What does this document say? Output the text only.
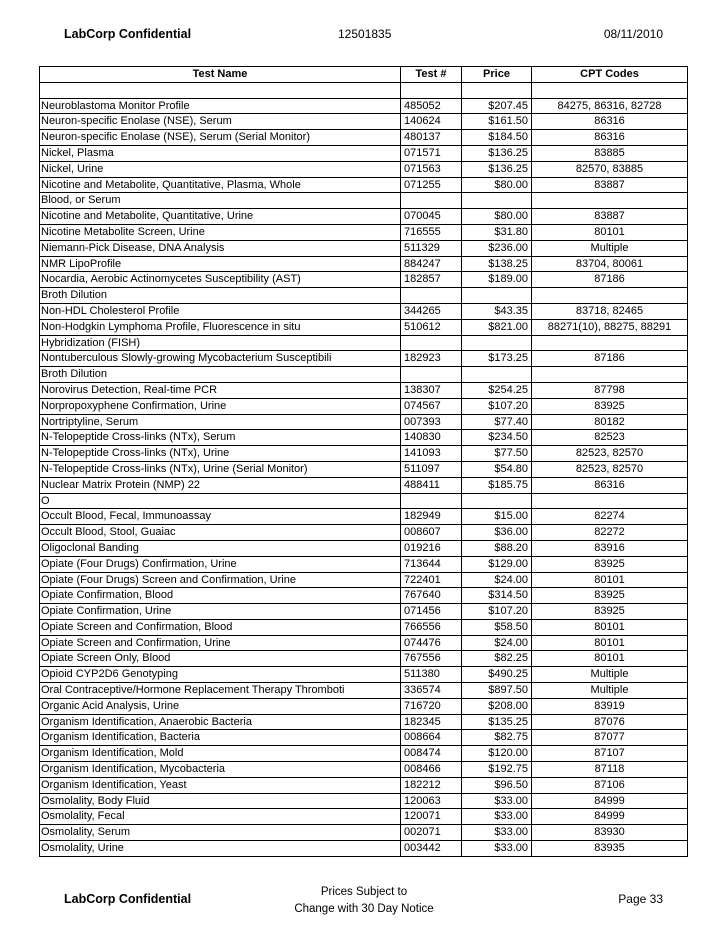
LabCorp Confidential	12501835	08/11/2010
Test Name	Test #	Price	CPT Codes

Neuroblastoma Monitor Profile	485052	$207.45	84275, 86316, 82728
Neuron-specific Enolase (NSE), Serum	140624	$161.50	86316
Neuron-specific Enolase (NSE), Serum (Serial Monitor)	480137	$184.50	86316
Nickel, Plasma	071571	$136.25	83885
Nickel, Urine	071563	$136.25	82570, 83885
Nicotine and Metabolite, Quantitative, Plasma, Whole	071255	$80.00	83887
Blood, or Serum			
Nicotine and Metabolite, Quantitative, Urine	070045	$80.00	83887
Nicotine Metabolite Screen, Urine	716555	$31.80	80101
Niemann-Pick Disease, DNA Analysis	511329	$236.00	Multiple
NMR LipoProfile	884247	$138.25	83704, 80061
Nocardia, Aerobic Actinomycetes Susceptibility (AST)	182857	$189.00	87186
Broth Dilution			
Non-HDL Cholesterol Profile	344265	$43.35	83718, 82465
Non-Hodgkin Lymphoma Profile, Fluorescence in situ	510612	$821.00	88271(10), 88275, 88291
Hybridization (FISH)			
Nontuberculous Slowly-growing Mycobacterium Susceptibili	182923	$173.25	87186
Broth Dilution			
Norovirus Detection, Real-time PCR	138307	$254.25	87798
Norpropoxyphene Confirmation, Urine	074567	$107.20	83925
Nortriptyline, Serum	007393	$77.40	80182
N-Telopeptide Cross-links (NTx), Serum	140830	$234.50	82523
N-Telopeptide Cross-links (NTx), Urine	141093	$77.50	82523, 82570
N-Telopeptide Cross-links (NTx), Urine (Serial Monitor)	511097	$54.80	82523, 82570
Nuclear Matrix Protein (NMP) 22	488411	$185.75	86316
O			
Occult Blood, Fecal, Immunoassay	182949	$15.00	82274
Occult Blood, Stool, Guaiac	008607	$36.00	82272
Oligoclonal Banding	019216	$88.20	83916
Opiate (Four Drugs) Confirmation, Urine	713644	$129.00	83925
Opiate (Four Drugs) Screen and Confirmation, Urine	722401	$24.00	80101
Opiate Confirmation, Blood	767640	$314.50	83925
Opiate Confirmation, Urine	071456	$107.20	83925
Opiate Screen and Confirmation, Blood	766556	$58.50	80101
Opiate Screen and Confirmation, Urine	074476	$24.00	80101
Opiate Screen Only, Blood	767556	$82.25	80101
Opioid CYP2D6 Genotyping	511380	$490.25	Multiple
Oral Contraceptive/Hormone Replacement Therapy Thromboti	336574	$897.50	Multiple
Organic Acid Analysis, Urine	716720	$208.00	83919
Organism Identification, Anaerobic Bacteria	182345	$135.25	87076
Organism Identification, Bacteria	008664	$82.75	87077
Organism Identification, Mold	008474	$120.00	87107
Organism Identification, Mycobacteria	008466	$192.75	87118
Organism Identification, Yeast	182212	$96.50	87106
Osmolality, Body Fluid	120063	$33.00	84999
Osmolality, Fecal	120071	$33.00	84999
Osmolality, Serum	002071	$33.00	83930
Osmolality, Urine	003442	$33.00	83935
LabCorp Confidential	Prices Subject to
Change with 30 Day Notice
Page 33
